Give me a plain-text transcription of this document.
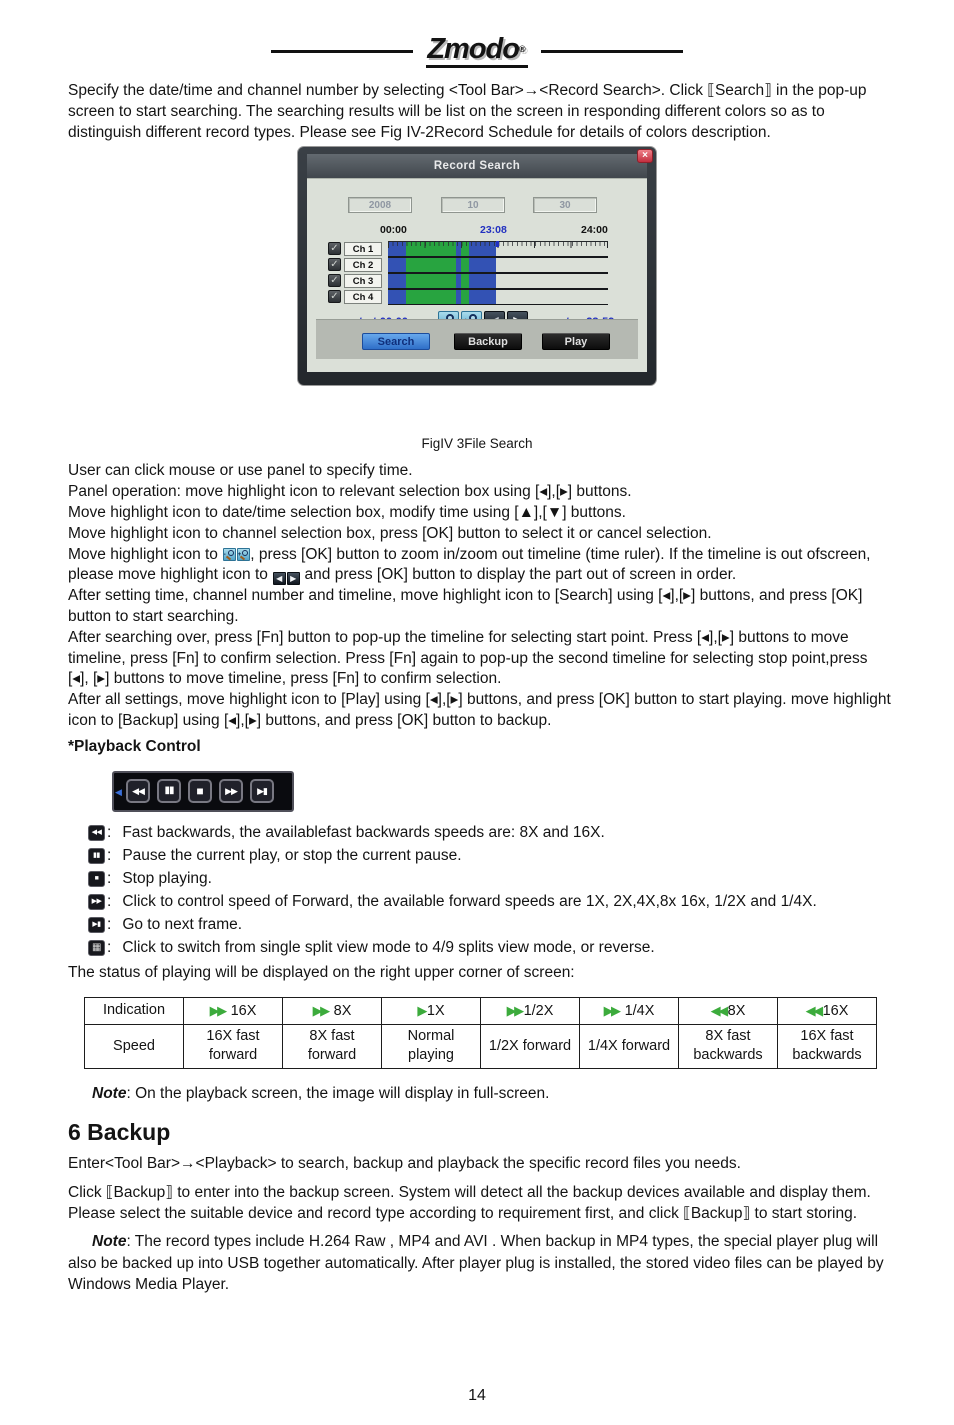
Zmodo®

Specify the date/time and channel number by selecting <Tool Bar>→<Record Search>. Click ⟦Search⟧ in the pop-up screen to start searching. The searching results will be list on the screen in responding different colors so as to distinguish different record types. Please see Fig IV-2Record Schedule for details of colors description.

×
Record Search
2008	10	30
00:00	23:08	24:00
✓
✓
✓
✓
Ch 1
Ch 2
Ch 3
Ch 4
Search	Backup	Play
FigIV 3File Search

User can click mouse or use panel to specify time.

Panel operation: move highlight icon to relevant selection box using [◂],[▸] buttons.

Move highlight icon to date/time selection box, modify time using [▲],[▼] buttons.

Move highlight icon to channel selection box, press [OK] button to select it or cancel selection.

Move highlight icon to - + , press [OK] button to zoom in/zoom out timeline (time ruler). If the timeline is out ofscreen, please move highlight icon to ◀ ▶ and press [OK] button to display the part out of screen in order.

After setting time, channel number and timeline, move highlight icon to [Search] using [◂],[▸] buttons, and press [OK] button to start searching.

After searching over, press [Fn] button to pop-up the timeline for selecting start point. Press [◂],[▸] buttons to move timeline, press [Fn] to confirm selection. Press [Fn] again to pop-up the second timeline for selecting stop point,press [◂], [▸] buttons to move timeline, press [Fn] to confirm selection.

After all settings, move highlight icon to [Play] using [◂],[▸] buttons, and press [OK] button to start playing. move highlight icon to [Backup] using [◂],[▸] buttons, and press [OK] button to backup.

*Playback Control
◀	◀◀	▮▮	■	▶▶	▶▮
◀◀ : Fast backwards, the availablefast backwards speeds are: 8X and 16X.
▮▮ : Pause the current play, or stop the current pause.
■ : Stop playing.
▶▶ : Click to control speed of Forward, the available forward speeds are 1X, 2X,4X,8x 16x, 1/2X and 1/4X.
▶▮ : Go to next frame.
▦ : Click to switch from single split view mode to 4/9 splits view mode, or reverse.

The status of playing will be displayed on the right upper corner of screen:

Indication	▶▶ 16X	▶▶ 8X	▶ 1X	▶▶ 1/2X	▶▶ 1/4X	◀◀ 8X	◀◀ 16X
Speed	16X fast forward	8X fast forward	Normal playing	1/2X forward	1/4X forward	8X fast backwards	16X fast backwards

Note: On the playback screen, the image will display in full-screen.

6 Backup

Enter<Tool Bar>→<Playback> to search, backup and playback the specific record files you needs.

Click ⟦Backup⟧ to enter into the backup screen. System will detect all the backup devices available and display them. Please select the suitable device and record type according to requirement first, and click ⟦Backup⟧ to start storing.

Note: The record types include H.264 Raw , MP4 and AVI . When backup in MP4 types, the special player plug will also be backed up into USB together automatically. After player plug is installed, the stored video files can be played by Windows Media Player.

14
